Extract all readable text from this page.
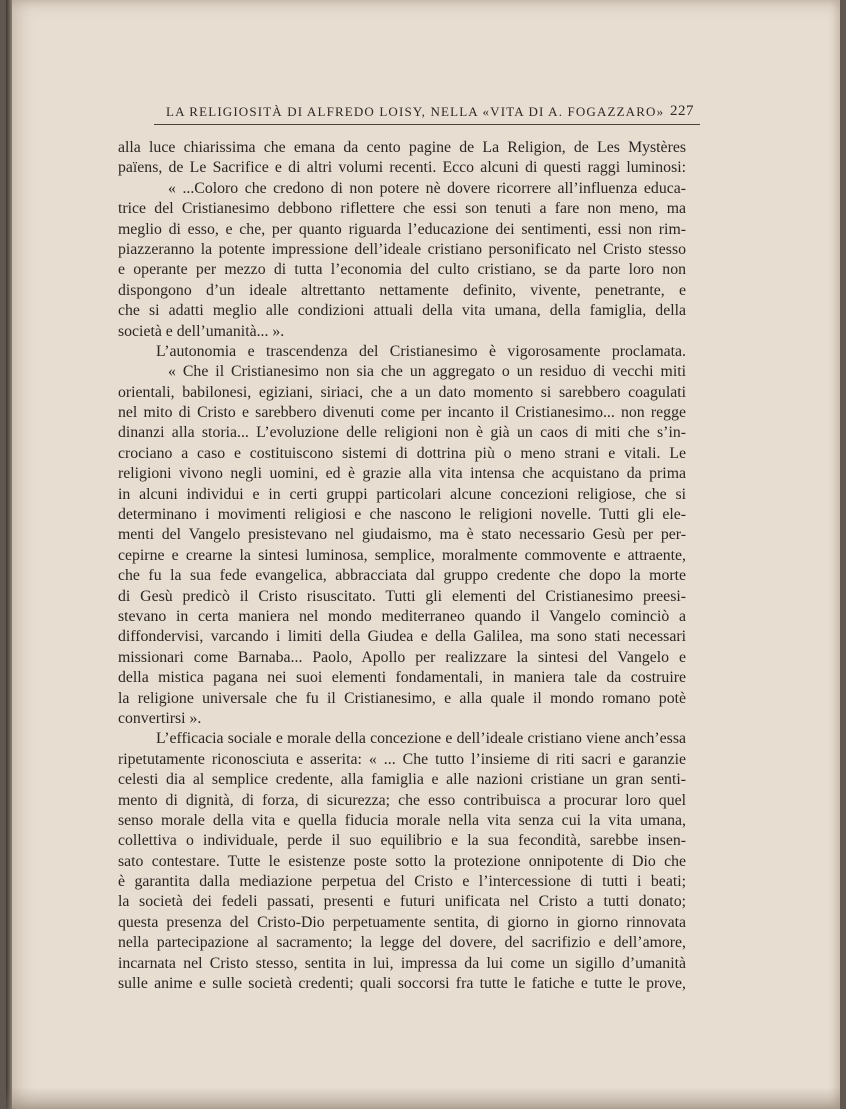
LA RELIGIOSITÀ DI ALFREDO LOISY, NELLA «VITA DI A. FOGAZZARO» 227
alla luce chiarissima che emana da cento pagine de La Religion, de Les Mystères
païens, de Le Sacrifice e di altri volumi recenti. Ecco alcuni di questi raggi luminosi:
« ...Coloro che credono di non potere nè dovere ricorrere all’influenza educa-
trice del Cristianesimo debbono riflettere che essi son tenuti a fare non meno, ma
meglio di esso, e che, per quanto riguarda l’educazione dei sentimenti, essi non rim-
piazzeranno la potente impressione dell’ideale cristiano personificato nel Cristo stesso
e operante per mezzo di tutta l’economia del culto cristiano, se da parte loro non
dispongono d’un ideale altrettanto nettamente definito, vivente, penetrante, e
che si adatti meglio alle condizioni attuali della vita umana, della famiglia, della
società e dell’umanità... ».
L’autonomia e trascendenza del Cristianesimo è vigorosamente proclamata.
« Che il Cristianesimo non sia che un aggregato o un residuo di vecchi miti
orientali, babilonesi, egiziani, siriaci, che a un dato momento si sarebbero coagulati
nel mito di Cristo e sarebbero divenuti come per incanto il Cristianesimo... non regge
dinanzi alla storia... L’evoluzione delle religioni non è già un caos di miti che s’in-
crociano a caso e costituiscono sistemi di dottrina più o meno strani e vitali. Le
religioni vivono negli uomini, ed è grazie alla vita intensa che acquistano da prima
in alcuni individui e in certi gruppi particolari alcune concezioni religiose, che si
determinano i movimenti religiosi e che nascono le religioni novelle. Tutti gli ele-
menti del Vangelo presistevano nel giudaismo, ma è stato necessario Gesù per per-
cepirne e crearne la sintesi luminosa, semplice, moralmente commovente e attraente,
che fu la sua fede evangelica, abbracciata dal gruppo credente che dopo la morte
di Gesù predicò il Cristo risuscitato. Tutti gli elementi del Cristianesimo preesi-
stevano in certa maniera nel mondo mediterraneo quando il Vangelo cominciò a
diffondervisi, varcando i limiti della Giudea e della Galilea, ma sono stati necessari
missionari come Barnaba... Paolo, Apollo per realizzare la sintesi del Vangelo e
della mistica pagana nei suoi elementi fondamentali, in maniera tale da costruire
la religione universale che fu il Cristianesimo, e alla quale il mondo romano potè
convertirsi ».
L’efficacia sociale e morale della concezione e dell’ideale cristiano viene anch’essa
ripetutamente riconosciuta e asserita: « ... Che tutto l’insieme di riti sacri e garanzie
celesti dia al semplice credente, alla famiglia e alle nazioni cristiane un gran senti-
mento di dignità, di forza, di sicurezza; che esso contribuisca a procurar loro quel
senso morale della vita e quella fiducia morale nella vita senza cui la vita umana,
collettiva o individuale, perde il suo equilibrio e la sua fecondità, sarebbe insen-
sato contestare. Tutte le esistenze poste sotto la protezione onnipotente di Dio che
è garantita dalla mediazione perpetua del Cristo e l’intercessione di tutti i beati;
la società dei fedeli passati, presenti e futuri unificata nel Cristo a tutti donato;
questa presenza del Cristo-Dio perpetuamente sentita, di giorno in giorno rinnovata
nella partecipazione al sacramento; la legge del dovere, del sacrifizio e dell’amore,
incarnata nel Cristo stesso, sentita in lui, impressa da lui come un sigillo d’umanità
sulle anime e sulle società credenti; quali soccorsi fra tutte le fatiche e tutte le prove,
